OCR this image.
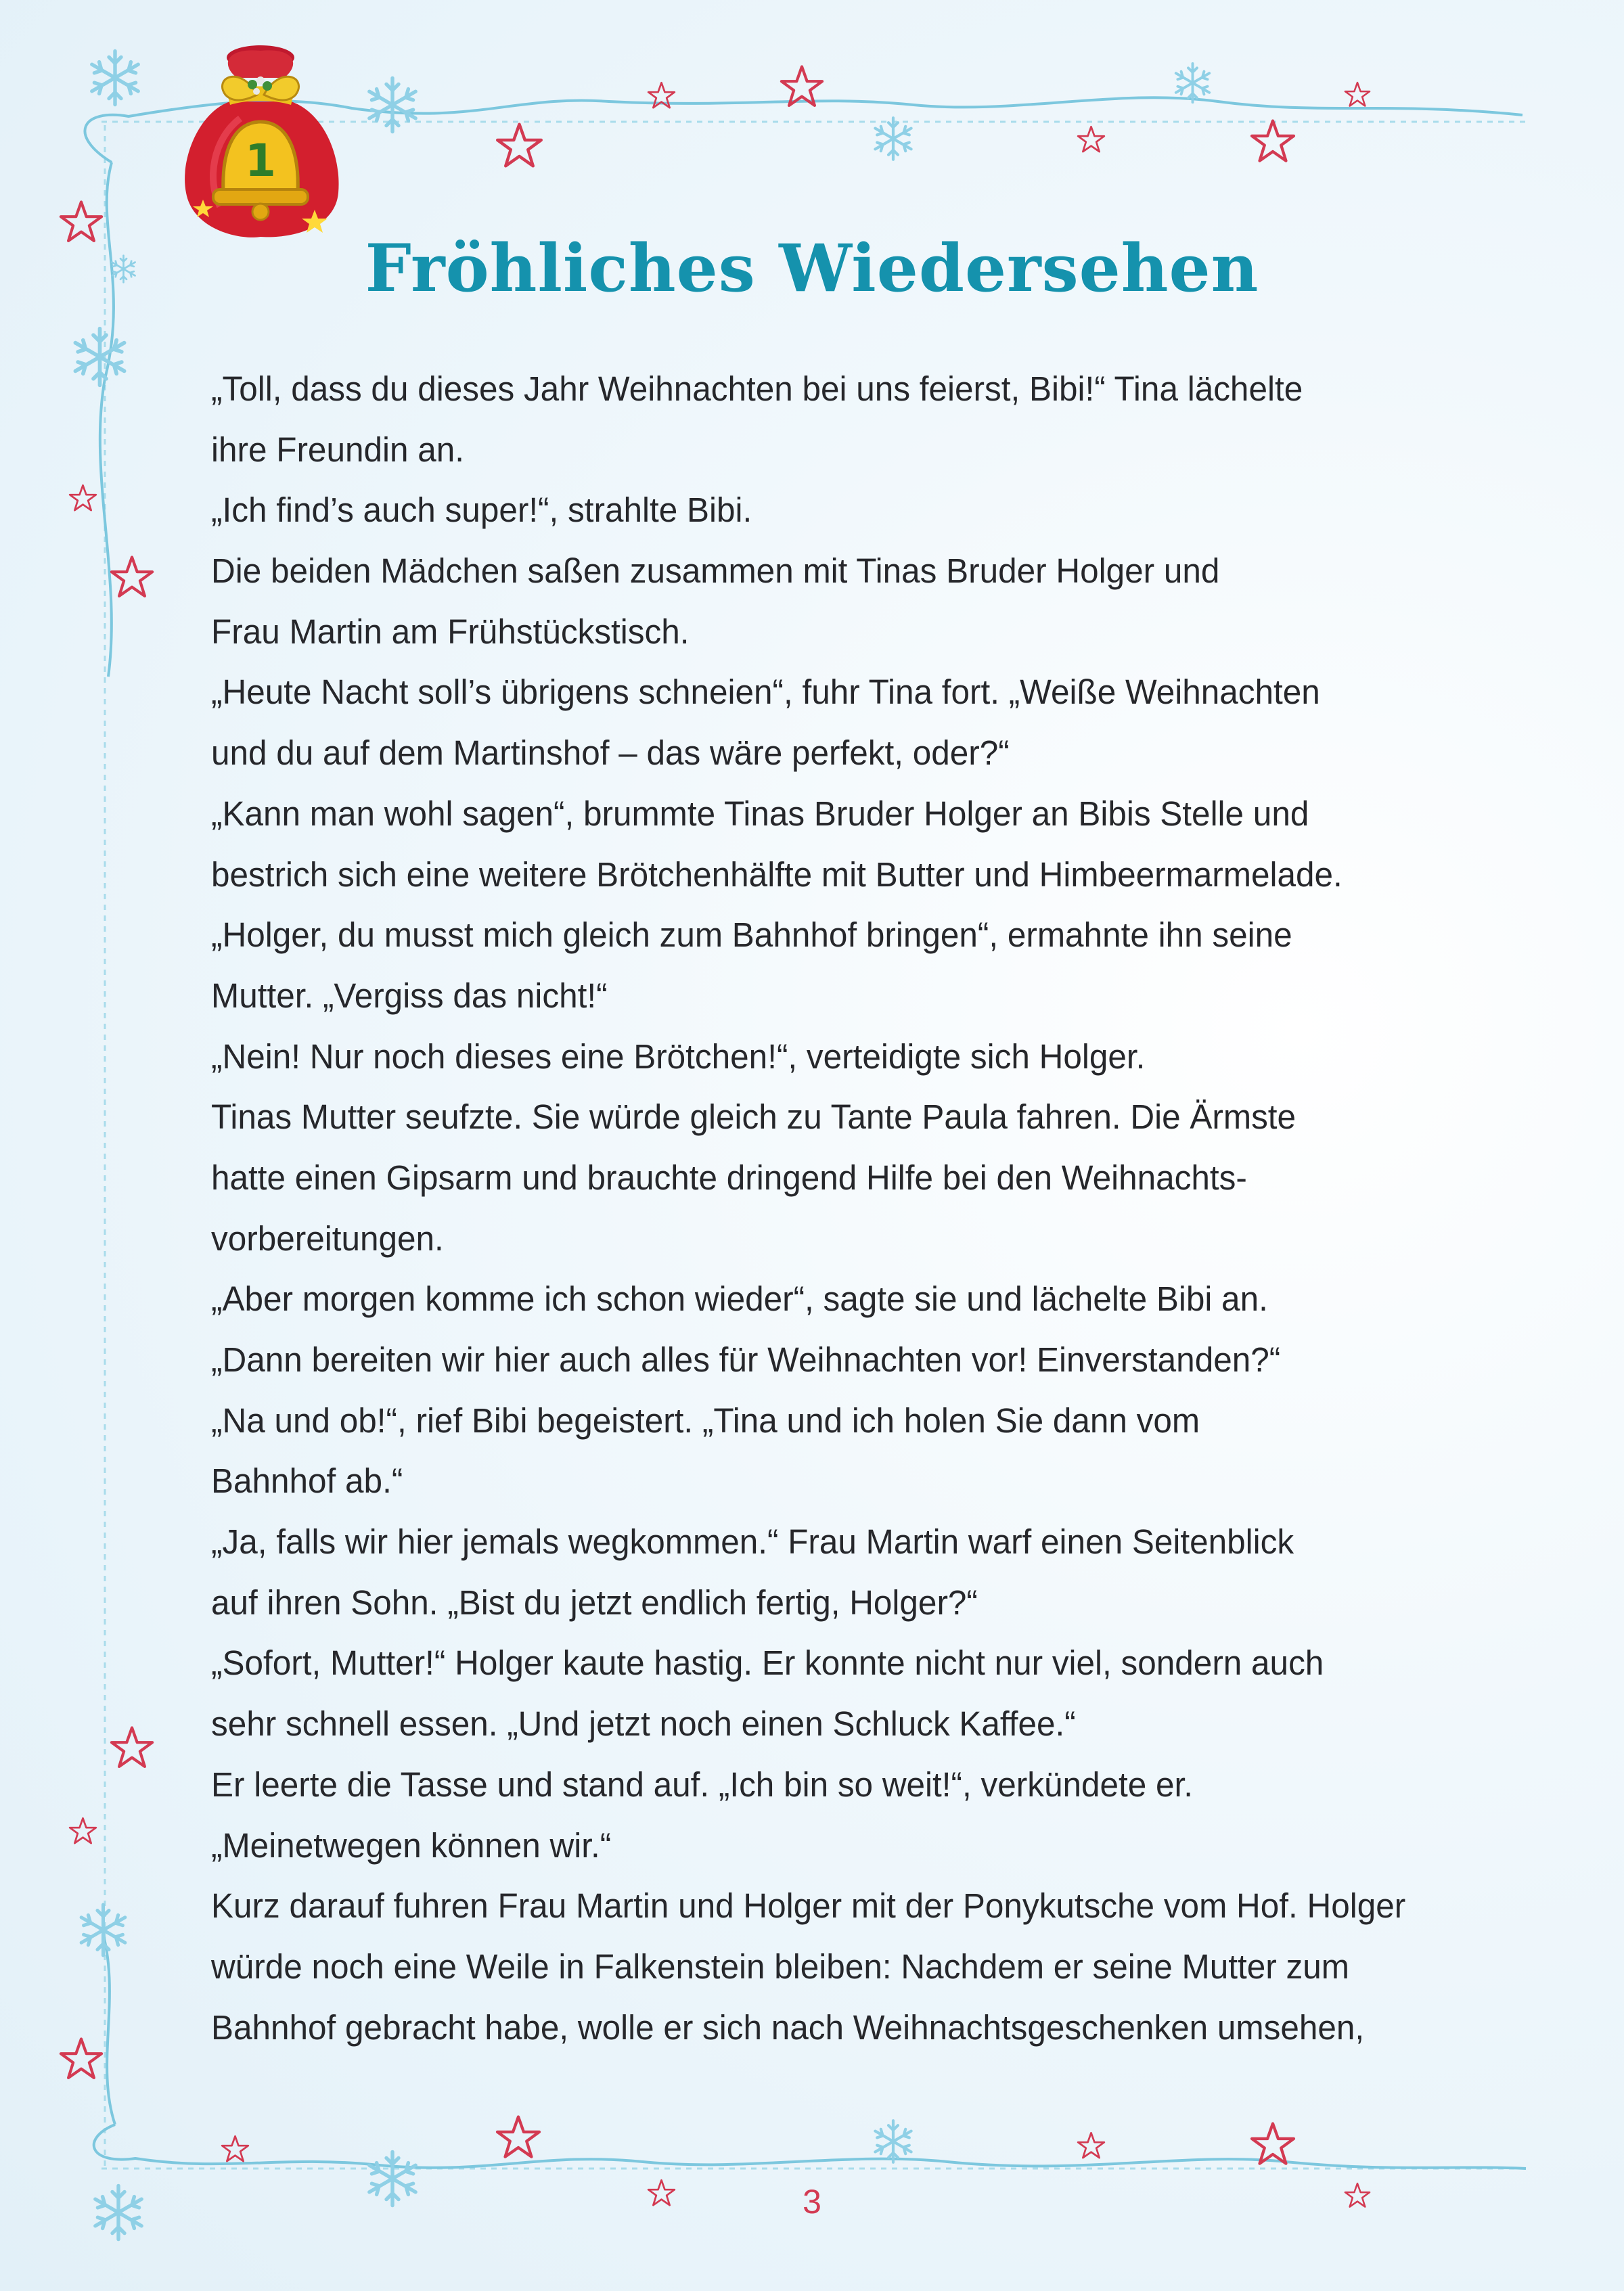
1
Fröhliches Wiedersehen
„Toll, dass du dieses Jahr Weihnachten bei uns feierst, Bibi!“ Tina lächelte
ihre Freundin an.
„Ich find’s auch super!“, strahlte Bibi.
Die beiden Mädchen saßen zusammen mit Tinas Bruder Holger und
Frau Martin am Frühstückstisch.
„Heute Nacht soll’s übrigens schneien“, fuhr Tina fort. „Weiße Weihnachten
und du auf dem Martinshof – das wäre perfekt, oder?“
„Kann man wohl sagen“, brummte Tinas Bruder Holger an Bibis Stelle und
bestrich sich eine weitere Brötchenhälfte mit Butter und Himbeermarmelade.
„Holger, du musst mich gleich zum Bahnhof bringen“, ermahnte ihn seine
Mutter. „Vergiss das nicht!“
„Nein! Nur noch dieses eine Brötchen!“, verteidigte sich Holger.
Tinas Mutter seufzte. Sie würde gleich zu Tante Paula fahren. Die Ärmste
hatte einen Gipsarm und brauchte dringend Hilfe bei den Weihnachts-
vorbereitungen.
„Aber morgen komme ich schon wieder“, sagte sie und lächelte Bibi an.
„Dann bereiten wir hier auch alles für Weihnachten vor! Einverstanden?“
„Na und ob!“, rief Bibi begeistert. „Tina und ich holen Sie dann vom
Bahnhof ab.“
„Ja, falls wir hier jemals wegkommen.“ Frau Martin warf einen Seitenblick
auf ihren Sohn. „Bist du jetzt endlich fertig, Holger?“
„Sofort, Mutter!“ Holger kaute hastig. Er konnte nicht nur viel, sondern auch
sehr schnell essen. „Und jetzt noch einen Schluck Kaffee.“
Er leerte die Tasse und stand auf. „Ich bin so weit!“, verkündete er.
„Meinetwegen können wir.“
Kurz darauf fuhren Frau Martin und Holger mit der Ponykutsche vom Hof. Holger
würde noch eine Weile in Falkenstein bleiben: Nachdem er seine Mutter zum
Bahnhof gebracht habe, wolle er sich nach Weihnachtsgeschenken umsehen,
3
